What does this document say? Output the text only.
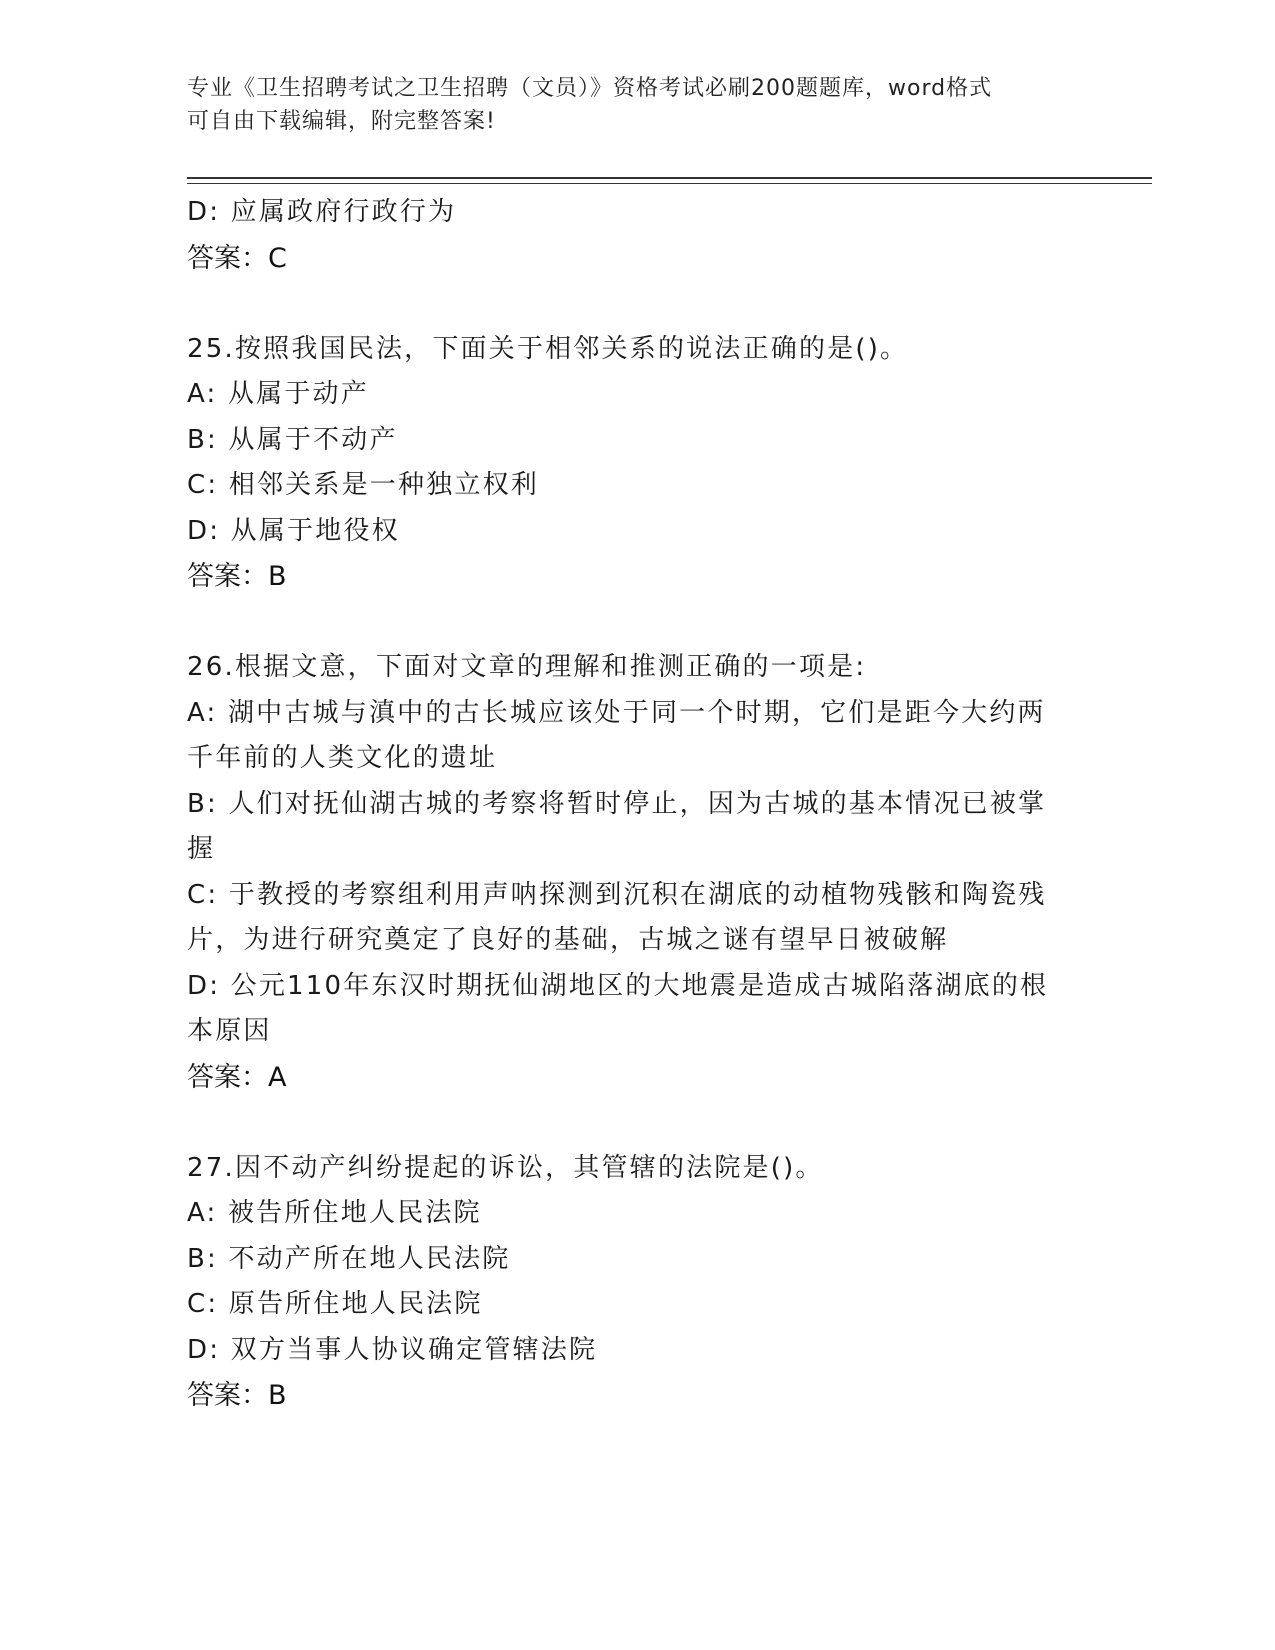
专业《卫生招聘考试之卫生招聘（文员）》资格考试必刷200题题库，word格式
可自由下载编辑，附完整答案!

D: 应属政府行政行为

答案：C

25.按照我国民法，下面关于相邻关系的说法正确的是()。

A: 从属于动产

B: 从属于不动产

C: 相邻关系是一种独立权利

D: 从属于地役权

答案：B

26.根据文意，下面对文章的理解和推测正确的一项是:

A: 湖中古城与滇中的古长城应该处于同一个时期，它们是距今大约两千年前的人类文化的遗址

B: 人们对抚仙湖古城的考察将暂时停止，因为古城的基本情况已被掌握

C: 于教授的考察组利用声呐探测到沉积在湖底的动植物残骸和陶瓷残片，为进行研究奠定了良好的基础，古城之谜有望早日被破解

D: 公元110年东汉时期抚仙湖地区的大地震是造成古城陷落湖底的根本原因

答案：A

27.因不动产纠纷提起的诉讼，其管辖的法院是()。

A: 被告所住地人民法院

B: 不动产所在地人民法院

C: 原告所住地人民法院

D: 双方当事人协议确定管辖法院

答案：B
